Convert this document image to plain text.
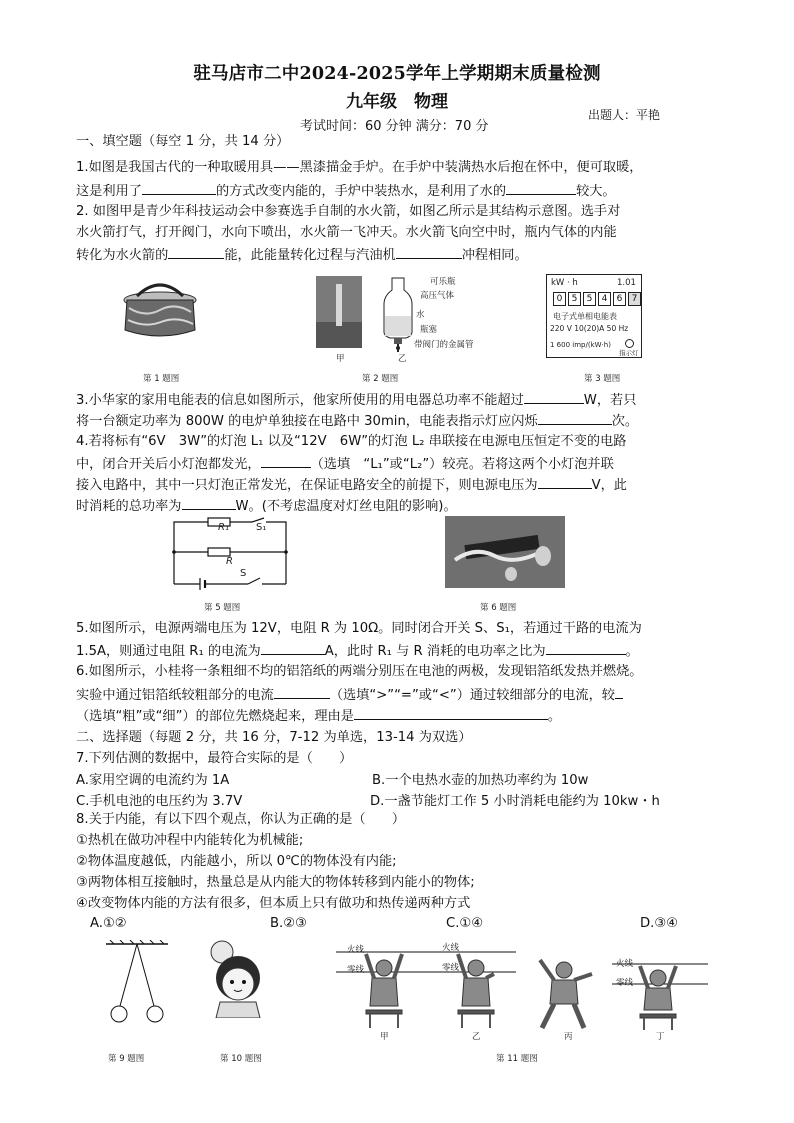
驻马店市二中2024-2025学年上学期期末质量检测
九年级　物理
出题人：平艳
考试时间：60 分钟 满分：70 分
一、填空题（每空 1 分，共 14 分）
1.如图是我国古代的一种取暖用具——黑漆描金手炉。在手炉中装满热水后抱在怀中，便可取暖，
这是利用了	的方式改变内能的，手炉中装热水，是利用了水的	较大。
2. 如图甲是青少年科技运动会中参赛选手自制的水火箭，如图乙所示是其结构示意图。选手对
水火箭打气，打开阀门，水向下喷出，水火箭一飞冲天。水火箭飞向空中时，瓶内气体的内能
转化为水火箭的	能，此能量转化过程与汽油机	冲程相同。
第 1 题图
甲
可乐瓶
高压气体
水
瓶塞
带阀门的金属管
乙
第 2 题图
kW · h	1.01
0	5	5	4	6	7
电子式单相电能表
220 V 10(20)A 50 Hz
1 600 imp/(kW·h)
指示灯
第 3 题图
3.小华家的家用电能表的信息如图所示，他家所使用的用电器总功率不能超过	W，若只
将一台额定功率为 800W 的电炉单独接在电路中 30min，电能表指示灯应闪烁	次。
4.若将标有“6V　3W”的灯泡 L₁ 以及“12V　6W”的灯泡 L₂ 串联接在电源电压恒定不变的电路
中，闭合开关后小灯泡都发光，	（选填　“L₁”或“L₂”）较亮。若将这两个小灯泡并联
接入电路中，其中一只灯泡正常发光，在保证电路安全的前提下，则电源电压为	V，此
时消耗的总功率为	W。(不考虑温度对灯丝电阻的影响)。
R₁	S₁
R
S
第 5 题图	第 6 题图
5.如图所示，电源两端电压为 12V，电阻 R 为 10Ω。同时闭合开关 S、S₁，若通过干路的电流为
1.5A，则通过电阻 R₁ 的电流为	A，此时 R₁ 与 R 消耗的电功率之比为	。
6.如图所示，小桂将一条粗细不均的铝箔纸的两端分别压在电池的两极，发现铝箔纸发热并燃烧。
实验中通过铝箔纸较粗部分的电流	（选填“>”“=”或“<”）通过较细部分的电流，较
（选填“粗”或“细”）的部位先燃烧起来，理由是	。
二、选择题（每题 2 分，共 16 分，7-12 为单选，13-14 为双选）
7.下列估测的数据中，最符合实际的是（　　）
A.家用空调的电流约为 1A	B.一个电热水壶的加热功率约为 10w
C.手机电池的电压约为 3.7V	D.一盏节能灯工作 5 小时消耗电能约为 10kw・h
8.关于内能，有以下四个观点，你认为正确的是（　　）
①热机在做功冲程中内能转化为机械能;
②物体温度越低，内能越小，所以 0℃的物体没有内能;
③两物体相互接触时，热量总是从内能大的物体转移到内能小的物体;
④改变物体内能的方法有很多，但本质上只有做功和热传递两种方式
A.①②	B.②③	C.①④	D.③④
第 9 题图	第 10 题图
火线
零线
火线
零线	火线
零线
甲	乙	丙	丁
第 11 题图
